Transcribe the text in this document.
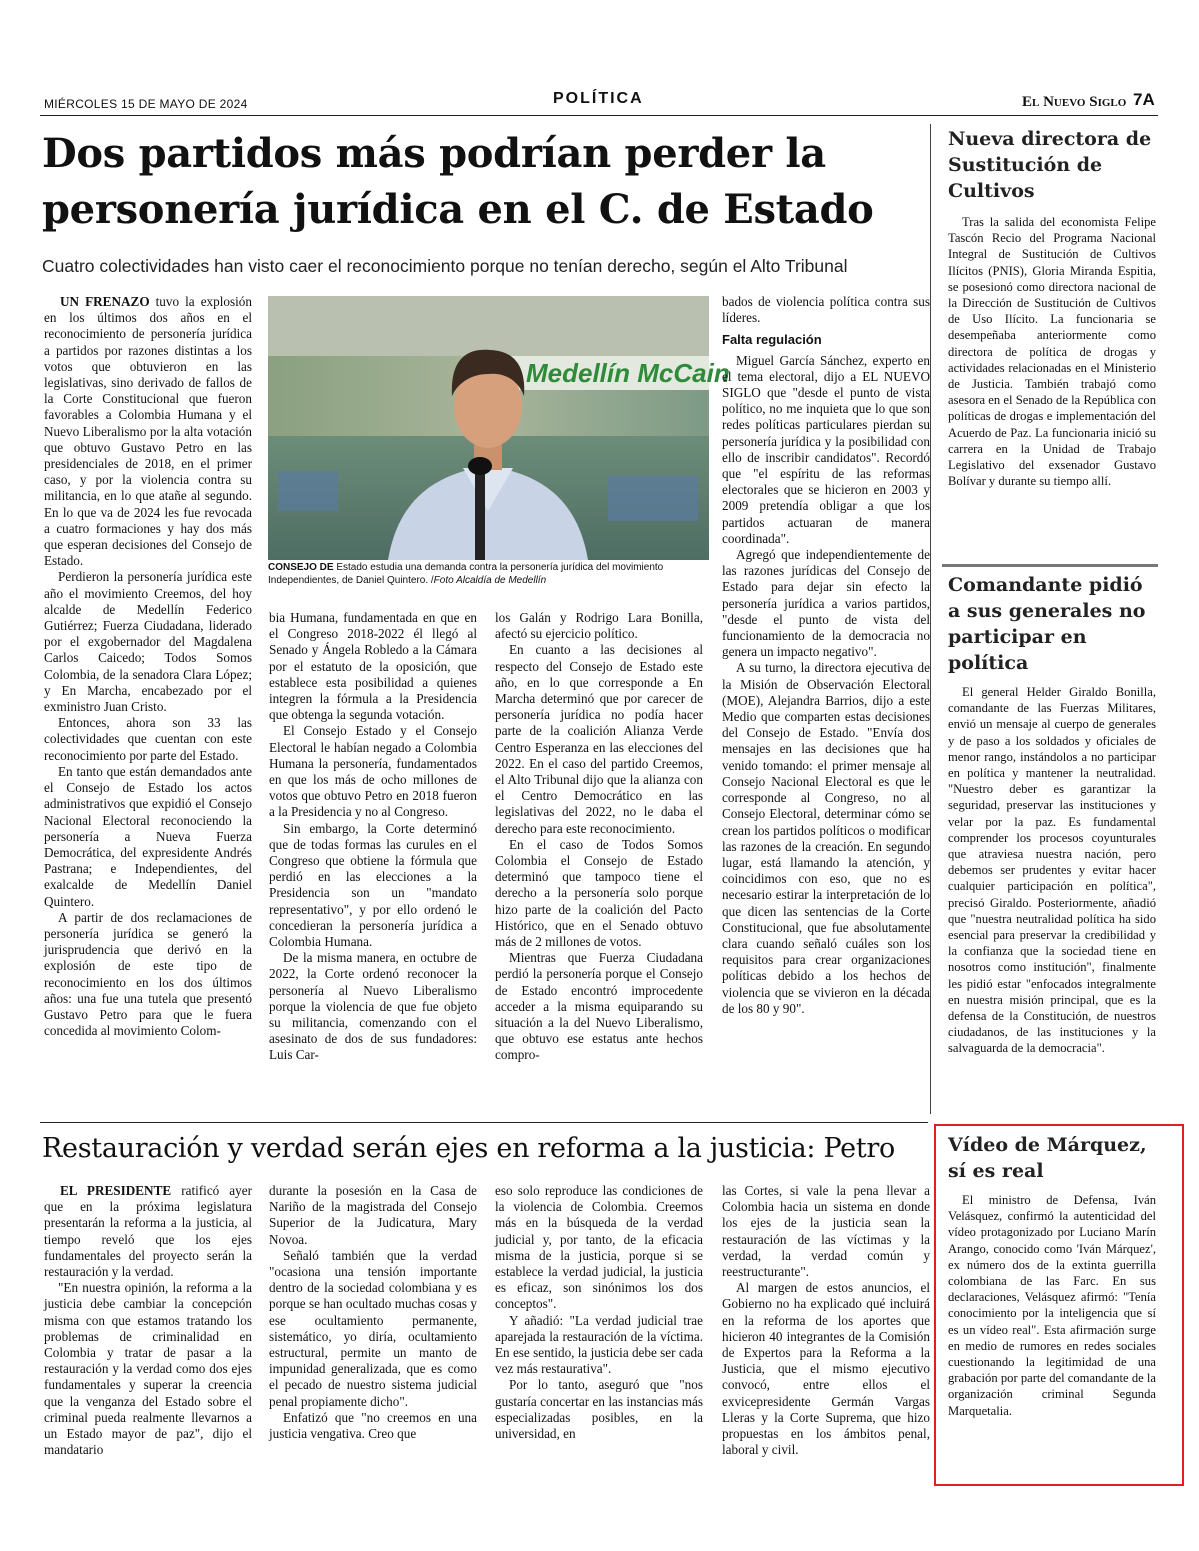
MIÉRCOLES 15 DE MAYO DE 2024	POLÍTICA	El Nuevo Siglo 7A
Dos partidos más podrían perder la personería jurídica en el C. de Estado
Cuatro colectividades han visto caer el reconocimiento porque no tenían derecho, según el Alto Tribunal

UN FRENAZO tuvo la explosión en los últimos dos años en el reconocimiento de personería jurídica a partidos por razones distintas a los votos que obtuvieron en las legislativas, sino derivado de fallos de la Corte Constitucional que fueron favorables a Colombia Humana y el Nuevo Liberalismo por la alta votación que obtuvo Gustavo Petro en las presidenciales de 2018, en el primer caso, y por la violencia contra su militancia, en lo que atañe al segundo. En lo que va de 2024 les fue revocada a cuatro formaciones y hay dos más que esperan decisiones del Consejo de Estado.

Perdieron la personería jurídica este año el movimiento Creemos, del hoy alcalde de Medellín Federico Gutiérrez; Fuerza Ciudadana, liderado por el exgobernador del Magdalena Carlos Caicedo; Todos Somos Colombia, de la senadora Clara López; y En Marcha, encabezado por el exministro Juan Cristo.

Entonces, ahora son 33 las colectividades que cuentan con este reconocimiento por parte del Estado.

En tanto que están demandados ante el Consejo de Estado los actos administrativos que expidió el Consejo Nacional Electoral reconociendo la personería a Nueva Fuerza Democrática, del expresidente Andrés Pastrana; e Independientes, del exalcalde de Medellín Daniel Quintero.

A partir de dos reclamaciones de personería jurídica se generó la jurisprudencia que derivó en la explosión de este tipo de reconocimiento en los dos últimos años: una fue una tutela que presentó Gustavo Petro para que le fuera concedida al movimiento Colom-

Medellín McCain
CONSEJO DE Estado estudia una demanda contra la personería jurídica del movimiento Independientes, de Daniel Quintero. /Foto Alcaldía de Medellín

bia Humana, fundamentada en que en el Congreso 2018-2022 él llegó al Senado y Ángela Robledo a la Cámara por el estatuto de la oposición, que establece esta posibilidad a quienes integren la fórmula a la Presidencia que obtenga la segunda votación.

El Consejo Estado y el Consejo Electoral le habían negado a Colombia Humana la personería, fundamentados en que los más de ocho millones de votos que obtuvo Petro en 2018 fueron a la Presidencia y no al Congreso.

Sin embargo, la Corte determinó que de todas formas las curules en el Congreso que obtiene la fórmula que perdió en las elecciones a la Presidencia son un "mandato representativo", y por ello ordenó le concedieran la personería jurídica a Colombia Humana.

De la misma manera, en octubre de 2022, la Corte ordenó reconocer la personería al Nuevo Liberalismo porque la violencia de que fue objeto su militancia, comenzando con el asesinato de dos de sus fundadores: Luis Car-

los Galán y Rodrigo Lara Bonilla, afectó su ejercicio político.

En cuanto a las decisiones al respecto del Consejo de Estado este año, en lo que corresponde a En Marcha determinó que por carecer de personería jurídica no podía hacer parte de la coalición Alianza Verde Centro Esperanza en las elecciones del 2022. En el caso del partido Creemos, el Alto Tribunal dijo que la alianza con el Centro Democrático en las legislativas del 2022, no le daba el derecho para este reconocimiento.

En el caso de Todos Somos Colombia el Consejo de Estado determinó que tampoco tiene el derecho a la personería solo porque hizo parte de la coalición del Pacto Histórico, que en el Senado obtuvo más de 2 millones de votos.

Mientras que Fuerza Ciudadana perdió la personería porque el Consejo de Estado encontró improcedente acceder a la misma equiparando su situación a la del Nuevo Liberalismo, que obtuvo ese estatus ante hechos compro-

bados de violencia política contra sus líderes.

Falta regulación

Miguel García Sánchez, experto en el tema electoral, dijo a EL NUEVO SIGLO que "desde el punto de vista político, no me inquieta que lo que son redes políticas particulares pierdan su personería jurídica y la posibilidad con ello de inscribir candidatos". Recordó que "el espíritu de las reformas electorales que se hicieron en 2003 y 2009 pretendía obligar a que los partidos actuaran de manera coordinada".

Agregó que independientemente de las razones jurídicas del Consejo de Estado para dejar sin efecto la personería jurídica a varios partidos, "desde el punto de vista del funcionamiento de la democracia no genera un impacto negativo".

A su turno, la directora ejecutiva de la Misión de Observación Electoral (MOE), Alejandra Barrios, dijo a este Medio que comparten estas decisiones del Consejo de Estado. "Envía dos mensajes en las decisiones que ha venido tomando: el primer mensaje al Consejo Nacional Electoral es que le corresponde al Congreso, no al Consejo Electoral, determinar cómo se crean los partidos políticos o modificar las razones de la creación. En segundo lugar, está llamando la atención, y coincidimos con eso, que no es necesario estirar la interpretación de lo que dicen las sentencias de la Corte Constitucional, que fue absolutamente clara cuando señaló cuáles son los requisitos para crear organizaciones políticas debido a los hechos de violencia que se vivieron en la década de los 80 y 90".

Nueva directora de Sustitución de Cultivos

Tras la salida del economista Felipe Tascón Recio del Programa Nacional Integral de Sustitución de Cultivos Ilícitos (PNIS), Gloria Miranda Espitia, se posesionó como directora nacional de la Dirección de Sustitución de Cultivos de Uso Ilícito. La funcionaria se desempeñaba anteriormente como directora de política de drogas y actividades relacionadas en el Ministerio de Justicia. También trabajó como asesora en el Senado de la República con políticas de drogas e implementación del Acuerdo de Paz. La funcionaria inició su carrera en la Unidad de Trabajo Legislativo del exsenador Gustavo Bolívar y durante su tiempo allí.

Comandante pidió a sus generales no participar en política

El general Helder Giraldo Bonilla, comandante de las Fuerzas Militares, envió un mensaje al cuerpo de generales y de paso a los soldados y oficiales de menor rango, instándolos a no participar en política y mantener la neutralidad. "Nuestro deber es garantizar la seguridad, preservar las instituciones y velar por la paz. Es fundamental comprender los procesos coyunturales que atraviesa nuestra nación, pero debemos ser prudentes y evitar hacer cualquier participación en política", precisó Giraldo. Posteriormente, añadió que "nuestra neutralidad política ha sido esencial para preservar la credibilidad y la confianza que la sociedad tiene en nosotros como institución", finalmente les pidió estar "enfocados integralmente en nuestra misión principal, que es la defensa de la Constitución, de nuestros ciudadanos, de las instituciones y la salvaguarda de la democracia".

Restauración y verdad serán ejes en reforma a la justicia: Petro

EL PRESIDENTE ratificó ayer que en la próxima legislatura presentarán la reforma a la justicia, al tiempo reveló que los ejes fundamentales del proyecto serán la restauración y la verdad.

"En nuestra opinión, la reforma a la justicia debe cambiar la concepción misma con que estamos tratando los problemas de criminalidad en Colombia y tratar de pasar a la restauración y la verdad como dos ejes fundamentales y superar la creencia que la venganza del Estado sobre el criminal pueda realmente llevarnos a un Estado mayor de paz", dijo el mandatario

durante la posesión en la Casa de Nariño de la magistrada del Consejo Superior de la Judicatura, Mary Novoa.

Señaló también que la verdad "ocasiona una tensión importante dentro de la sociedad colombiana y es porque se han ocultado muchas cosas y ese ocultamiento permanente, sistemático, yo diría, ocultamiento estructural, permite un manto de impunidad generalizada, que es como el pecado de nuestro sistema judicial penal propiamente dicho".

Enfatizó que "no creemos en una justicia vengativa. Creo que

eso solo reproduce las condiciones de la violencia de Colombia. Creemos más en la búsqueda de la verdad judicial y, por tanto, de la eficacia misma de la justicia, porque si se establece la verdad judicial, la justicia es eficaz, son sinónimos los dos conceptos".

Y añadió: "La verdad judicial trae aparejada la restauración de la víctima. En ese sentido, la justicia debe ser cada vez más restaurativa".

Por lo tanto, aseguró que "nos gustaría concertar en las instancias más especializadas posibles, en la universidad, en

las Cortes, si vale la pena llevar a Colombia hacia un sistema en donde los ejes de la justicia sean la restauración de las víctimas y la verdad, la verdad común y reestructurante".

Al margen de estos anuncios, el Gobierno no ha explicado qué incluirá en la reforma de los aportes que hicieron 40 integrantes de la Comisión de Expertos para la Reforma a la Justicia, que el mismo ejecutivo convocó, entre ellos el exvicepresidente Germán Vargas Lleras y la Corte Suprema, que hizo propuestas en los ámbitos penal, laboral y civil.

Vídeo de Márquez, sí es real

El ministro de Defensa, Iván Velásquez, confirmó la autenticidad del vídeo protagonizado por Luciano Marín Arango, conocido como 'Iván Márquez', ex número dos de la extinta guerrilla colombiana de las Farc. En sus declaraciones, Velásquez afirmó: "Tenía conocimiento por la inteligencia que sí es un vídeo real". Esta afirmación surge en medio de rumores en redes sociales cuestionando la legitimidad de una grabación por parte del comandante de la organización criminal Segunda Marquetalia.
